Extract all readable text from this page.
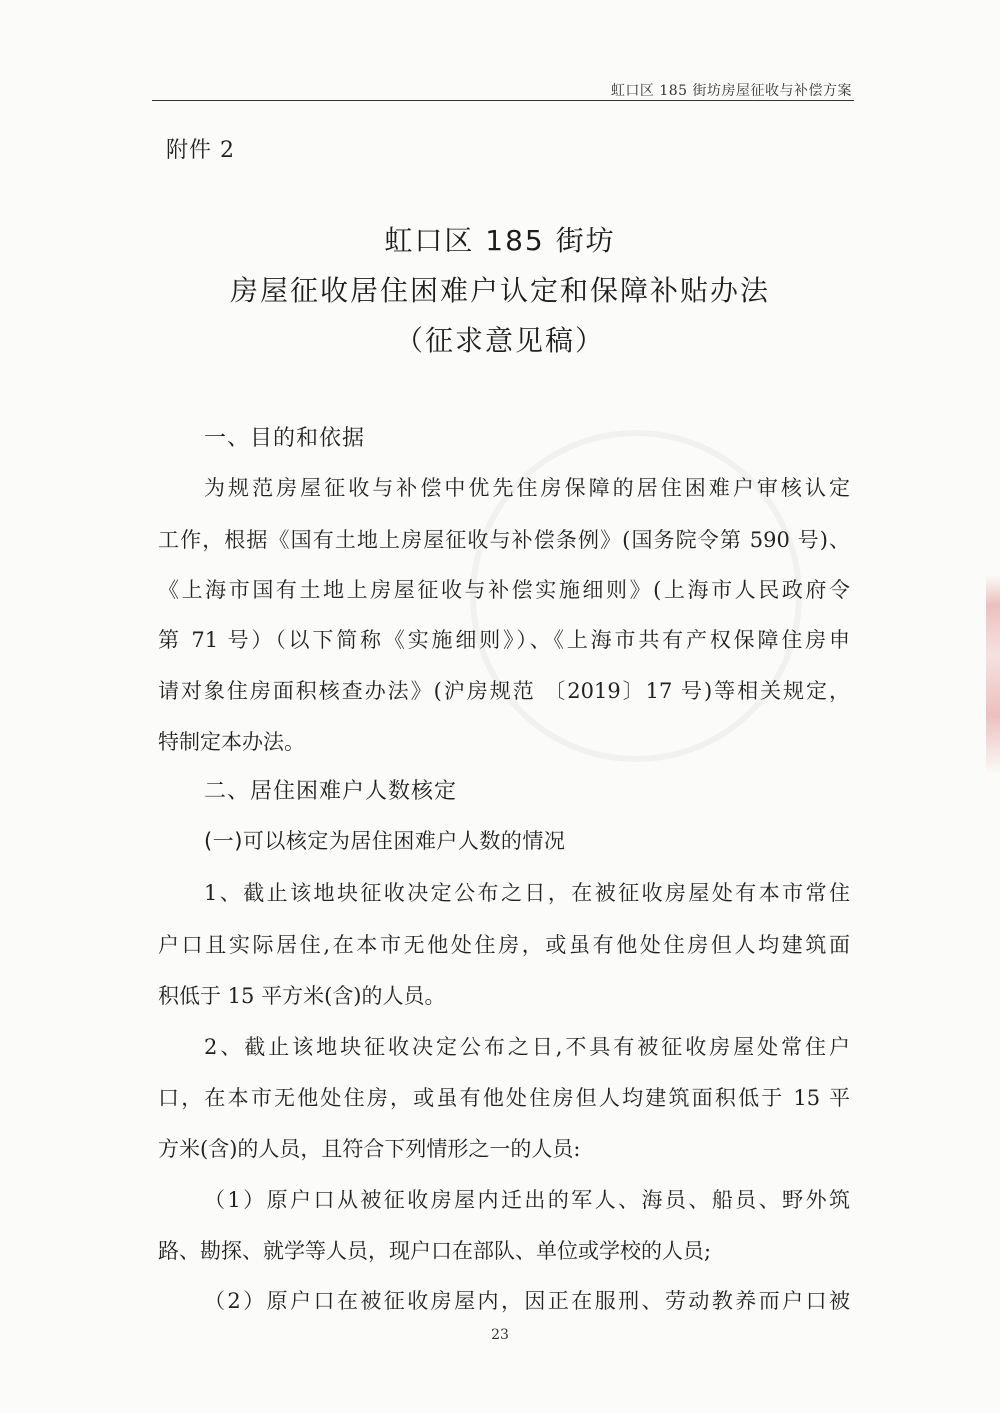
虹口区 185 街坊房屋征收与补偿方案
附件 2
虹口区 185 街坊
房屋征收居住困难户认定和保障补贴办法
（征求意见稿）
一、目的和依据
为规范房屋征收与补偿中优先住房保障的居住困难户审核认定
工作，根据《国有土地上房屋征收与补偿条例》(国务院令第 590 号)、
《上海市国有土地上房屋征收与补偿实施细则》(上海市人民政府令
第 71 号）（以下简称《实施细则》）、《上海市共有产权保障住房申
请对象住房面积核查办法》(沪房规范 〔2019〕17 号)等相关规定，
特制定本办法。
二、居住困难户人数核定
(一)可以核定为居住困难户人数的情况
1、截止该地块征收决定公布之日，在被征收房屋处有本市常住
户口且实际居住,在本市无他处住房，或虽有他处住房但人均建筑面
积低于 15 平方米(含)的人员。
2、截止该地块征收决定公布之日,不具有被征收房屋处常住户
口，在本市无他处住房，或虽有他处住房但人均建筑面积低于 15 平
方米(含)的人员，且符合下列情形之一的人员:
（1）原户口从被征收房屋内迁出的军人、海员、船员、野外筑
路、勘探、就学等人员，现户口在部队、单位或学校的人员;
（2）原户口在被征收房屋内，因正在服刑、劳动教养而户口被
23
